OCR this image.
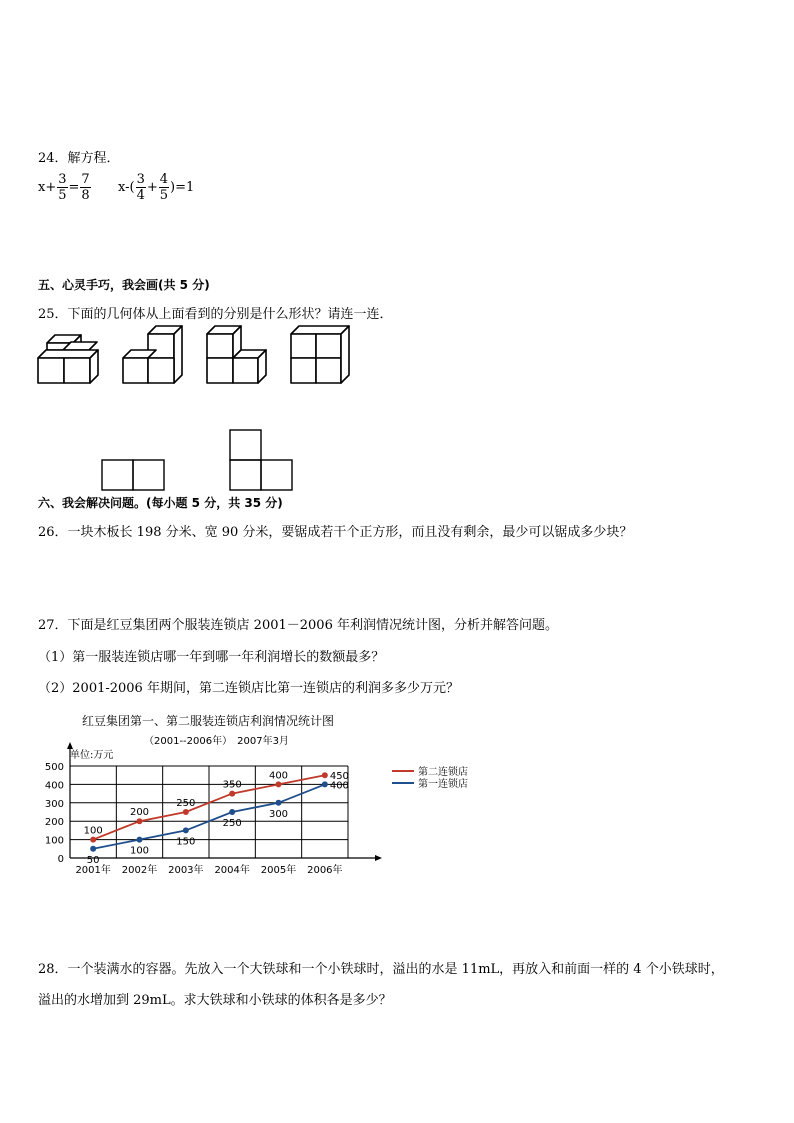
24．解方程．
$x+ \frac{3}{5} = \frac{7}{8} x-( \frac{3}{4} + \frac{4}{5} )=1$
五、心灵手巧，我会画(共 5 分)
25．下面的几何体从上面看到的分别是什么形状？请连一连．
六、我会解决问题。(每小题 5 分，共 35 分)
26．一块木板长 198 分米、宽 90 分米，要锯成若干个正方形，而且没有剩余，最少可以锯成多少块？
27．下面是红豆集团两个服装连锁店 2001－2006 年利润情况统计图，分析并解答问题。
（1）第一服装连锁店哪一年到哪一年利润增长的数额最多？
（2）2001-2006 年期间，第二连锁店比第一连锁店的利润多多少万元？
红豆集团第一、第二服装连锁店利润情况统计图
（2001--2006年）　2007年3月
单位:万元
0
100
200
300
400
500
2001年 2002年 2003年 2004年 2005年 2006年
100
200
250
350
400	450	第二连锁店
50
100
150
250
300
400	第一连锁店
28．一个装满水的容器。先放入一个大铁球和一个小铁球时，溢出的水是 11mL，再放入和前面一样的 4 个小铁球时，
溢出的水增加到 29mL。求大铁球和小铁球的体积各是多少？
